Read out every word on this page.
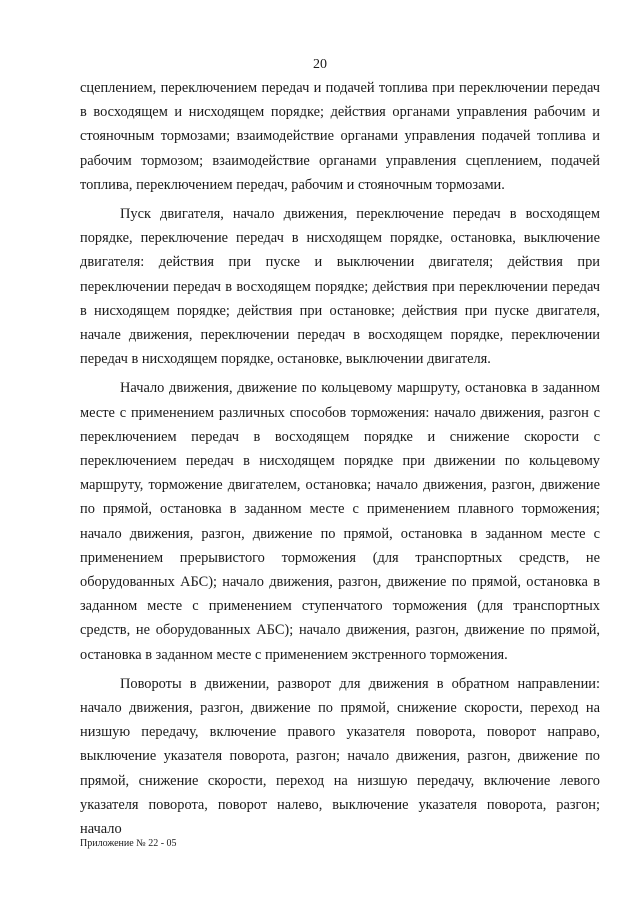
20

сцеплением, переключением передач и подачей топлива при переключении передач в восходящем и нисходящем порядке; действия органами управления рабочим и стояночным тормозами; взаимодействие органами управления подачей топлива и рабочим тормозом; взаимодействие органами управления сцеплением, подачей топлива, переключением передач, рабочим и стояночным тормозами.

Пуск двигателя, начало движения, переключение передач в восходящем порядке, переключение передач в нисходящем порядке, остановка, выключение двигателя: действия при пуске и выключении двигателя; действия при переключении передач в восходящем порядке; действия при переключении передач в нисходящем порядке; действия при остановке; действия при пуске двигателя, начале движения, переключении передач в восходящем порядке, переключении передач в нисходящем порядке, остановке, выключении двигателя.

Начало движения, движение по кольцевому маршруту, остановка в заданном месте с применением различных способов торможения: начало движения, разгон с переключением передач в восходящем порядке и снижение скорости с переключением передач в нисходящем порядке при движении по кольцевому маршруту, торможение двигателем, остановка; начало движения, разгон, движение по прямой, остановка в заданном месте с применением плавного торможения; начало движения, разгон, движение по прямой, остановка в заданном месте с применением прерывистого торможения (для транспортных средств, не оборудованных АБС); начало движения, разгон, движение по прямой, остановка в заданном месте с применением ступенчатого торможения (для транспортных средств, не оборудованных АБС); начало движения, разгон, движение по прямой, остановка в заданном месте с применением экстренного торможения.

Повороты в движении, разворот для движения в обратном направлении: начало движения, разгон, движение по прямой, снижение скорости, переход на низшую передачу, включение правого указателя поворота, поворот направо, выключение указателя поворота, разгон; начало движения, разгон, движение по прямой, снижение скорости, переход на низшую передачу, включение левого указателя поворота, поворот налево, выключение указателя поворота, разгон; начало

Приложение № 22 - 05
